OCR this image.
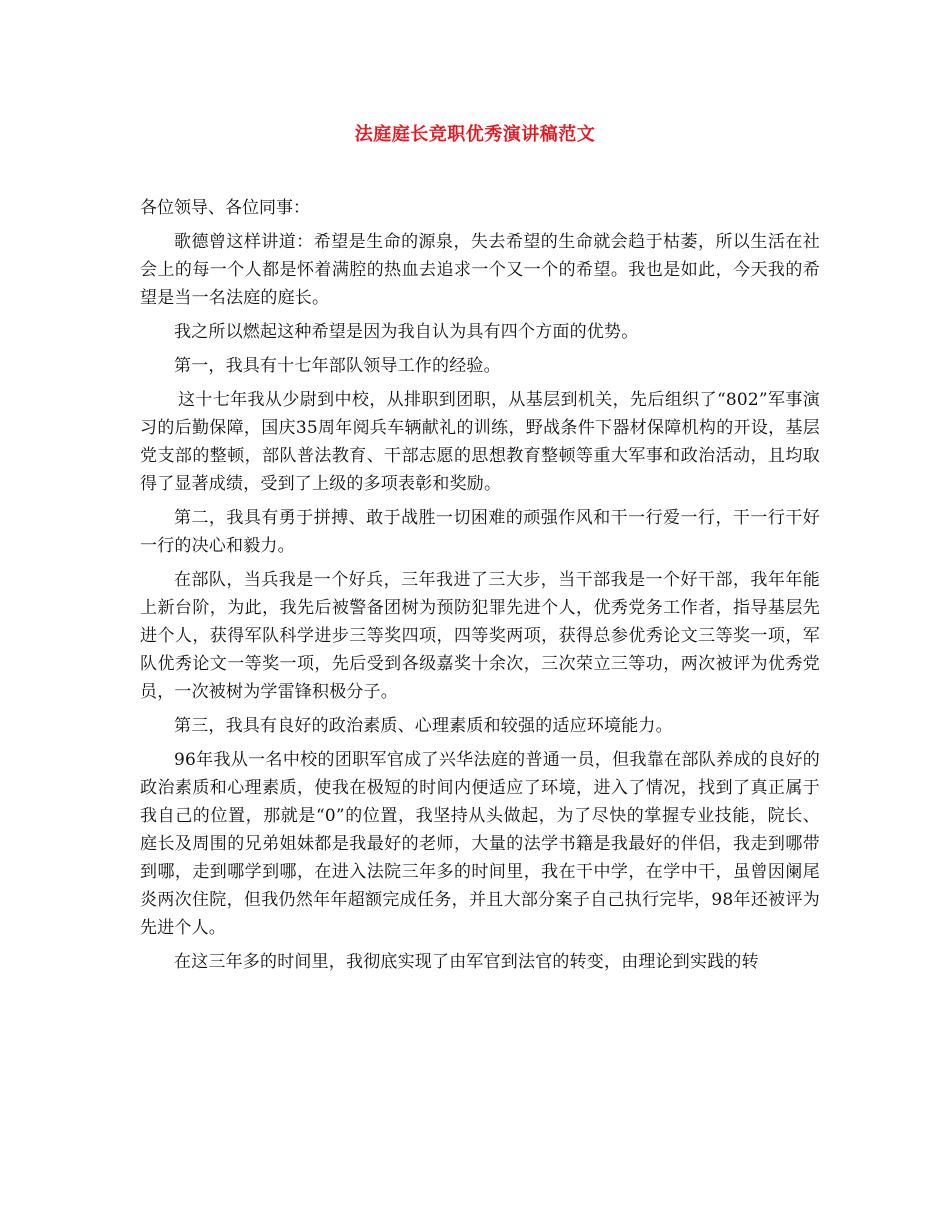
法庭庭长竞职优秀演讲稿范文

各位领导、各位同事：

歌德曾这样讲道：希望是生命的源泉，失去希望的生命就会趋于枯萎，所以生活在社会上的每一个人都是怀着满腔的热血去追求一个又一个的希望。我也是如此，今天我的希望是当一名法庭的庭长。

我之所以燃起这种希望是因为我自认为具有四个方面的优势。

第一，我具有十七年部队领导工作的经验。

这十七年我从少尉到中校，从排职到团职，从基层到机关，先后组织了“802”军事演习的后勤保障，国庆35周年阅兵车辆献礼的训练，野战条件下器材保障机构的开设，基层党支部的整顿，部队普法教育、干部志愿的思想教育整顿等重大军事和政治活动，且均取得了显著成绩，受到了上级的多项表彰和奖励。

第二，我具有勇于拼搏、敢于战胜一切困难的顽强作风和干一行爱一行，干一行干好一行的决心和毅力。

在部队，当兵我是一个好兵，三年我进了三大步，当干部我是一个好干部，我年年能上新台阶，为此，我先后被警备团树为预防犯罪先进个人，优秀党务工作者，指导基层先进个人，获得军队科学进步三等奖四项，四等奖两项，获得总参优秀论文三等奖一项，军队优秀论文一等奖一项，先后受到各级嘉奖十余次，三次荣立三等功，两次被评为优秀党员，一次被树为学雷锋积极分子。

第三，我具有良好的政治素质、心理素质和较强的适应环境能力。

96年我从一名中校的团职军官成了兴华法庭的普通一员，但我靠在部队养成的良好的政治素质和心理素质，使我在极短的时间内便适应了环境，进入了情况，找到了真正属于我自己的位置，那就是“0”的位置，我坚持从头做起，为了尽快的掌握专业技能，院长、庭长及周围的兄弟姐妹都是我最好的老师，大量的法学书籍是我最好的伴侣，我走到哪带到哪，走到哪学到哪，在进入法院三年多的时间里，我在干中学，在学中干，虽曾因阑尾炎两次住院，但我仍然年年超额完成任务，并且大部分案子自己执行完毕，98年还被评为先进个人。

在这三年多的时间里，我彻底实现了由军官到法官的转变，由理论到实践的转
